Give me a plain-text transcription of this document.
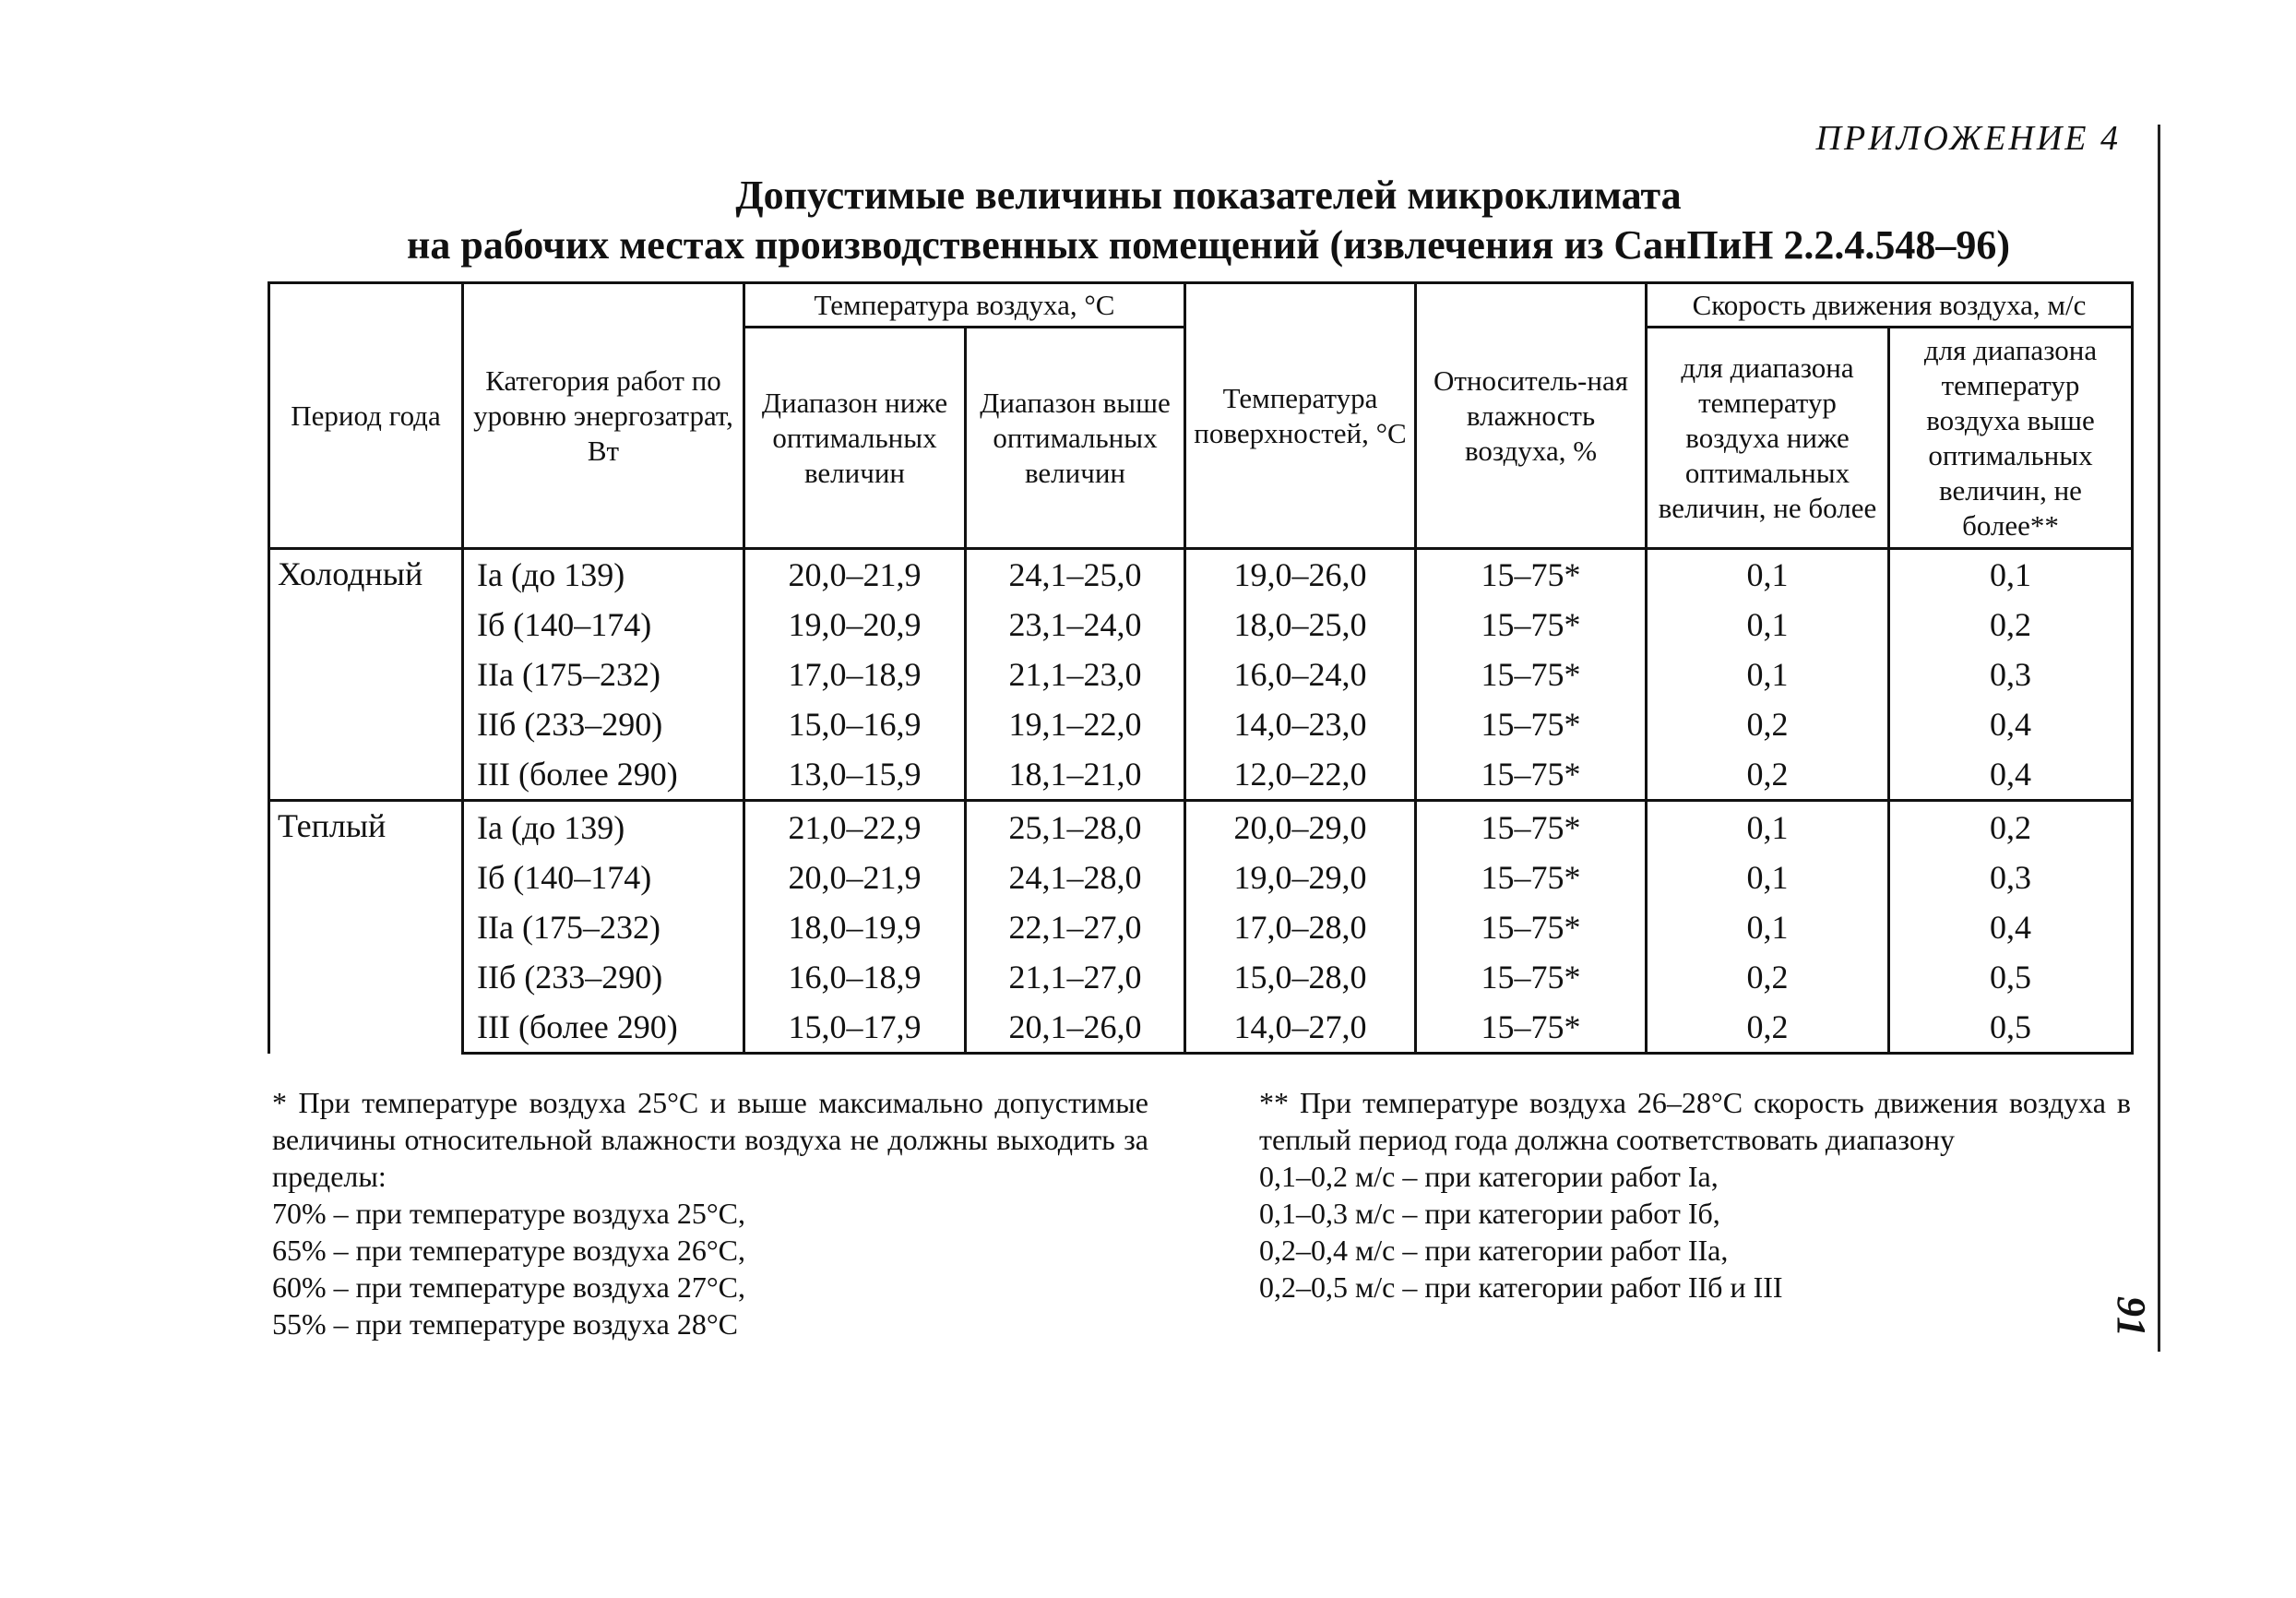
ПРИЛОЖЕНИЕ 4
91
Допустимые величины показателей микроклимата
на рабочих местах производственных помещений (извлечения из СанПиН 2.2.4.548–96)
Период года	Категория работ по уровню энергозатрат, Вт	Температура воздуха, °С		Температура поверхностей, °С	Относитель-ная влажность воздуха, %	Скорость движения воздуха, м/с	
		Диапазон ниже оптимальных величин	Диапазон выше оптимальных величин			для диапазона температур воздуха ниже оптимальных величин, не более	для диапазона температур воздуха выше оптимальных величин, не более**
Холодный	Iа (до 139)	20,0–21,9	24,1–25,0	19,0–26,0	15–75*	0,1	0,1
	Iб (140–174)	19,0–20,9	23,1–24,0	18,0–25,0	15–75*	0,1	0,2
	IIа (175–232)	17,0–18,9	21,1–23,0	16,0–24,0	15–75*	0,1	0,3
	IIб (233–290)	15,0–16,9	19,1–22,0	14,0–23,0	15–75*	0,2	0,4
	III (более 290)	13,0–15,9	18,1–21,0	12,0–22,0	15–75*	0,2	0,4
Теплый	Iа (до 139)	21,0–22,9	25,1–28,0	20,0–29,0	15–75*	0,1	0,2
	Iб (140–174)	20,0–21,9	24,1–28,0	19,0–29,0	15–75*	0,1	0,3
	IIа (175–232)	18,0–19,9	22,1–27,0	17,0–28,0	15–75*	0,1	0,4
	IIб (233–290)	16,0–18,9	21,1–27,0	15,0–28,0	15–75*	0,2	0,5
	III (более 290)	15,0–17,9	20,1–26,0	14,0–27,0	15–75*	0,2	0,5

* При температуре воздуха 25°С и выше максимально допустимые величины относительной влажности воздуха не должны выходить за пределы:

70% – при температуре воздуха 25°С,

65% – при температуре воздуха 26°С,

60% – при температуре воздуха 27°С,

55% – при температуре воздуха 28°С

** При температуре воздуха 26–28°С скорость движения воздуха в теплый период года должна соответствовать диапазону

0,1–0,2 м/с – при категории работ Iа,

0,1–0,3 м/с – при категории работ Iб,

0,2–0,4 м/с – при категории работ IIа,

0,2–0,5 м/с – при категории работ IIб и III
